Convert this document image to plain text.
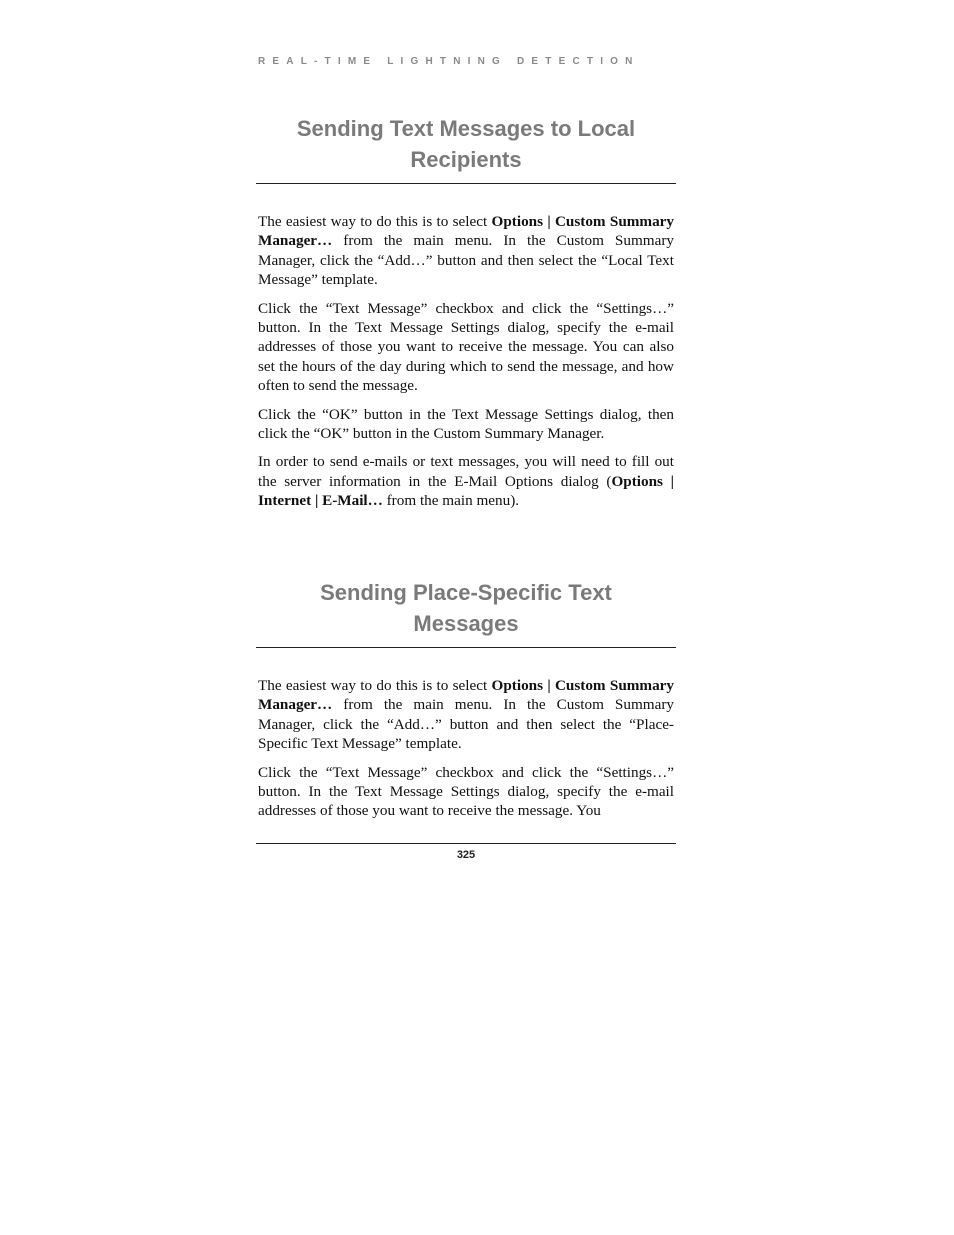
REAL-TIME LIGHTNING DETECTION
Sending Text Messages to Local
Recipients

The easiest way to do this is to select Options | Custom Summary Manager… from the main menu. In the Custom Summary Manager, click the “Add…” button and then select the “Local Text Message” template.

Click the “Text Message” checkbox and click the “Settings…” button. In the Text Message Settings dialog, specify the e-mail addresses of those you want to receive the message. You can also set the hours of the day during which to send the message, and how often to send the message.

Click the “OK” button in the Text Message Settings dialog, then click the “OK” button in the Custom Summary Manager.

In order to send e-mails or text messages, you will need to fill out the server information in the E-Mail Options dialog (Options | Internet | E-Mail… from the main menu).

Sending Place-Specific Text
Messages

The easiest way to do this is to select Options | Custom Summary Manager… from the main menu. In the Custom Summary Manager, click the “Add…” button and then select the “Place-Specific Text Message” template.

Click the “Text Message” checkbox and click the “Settings…” button. In the Text Message Settings dialog, specify the e-mail addresses of those you want to receive the message. You

325
